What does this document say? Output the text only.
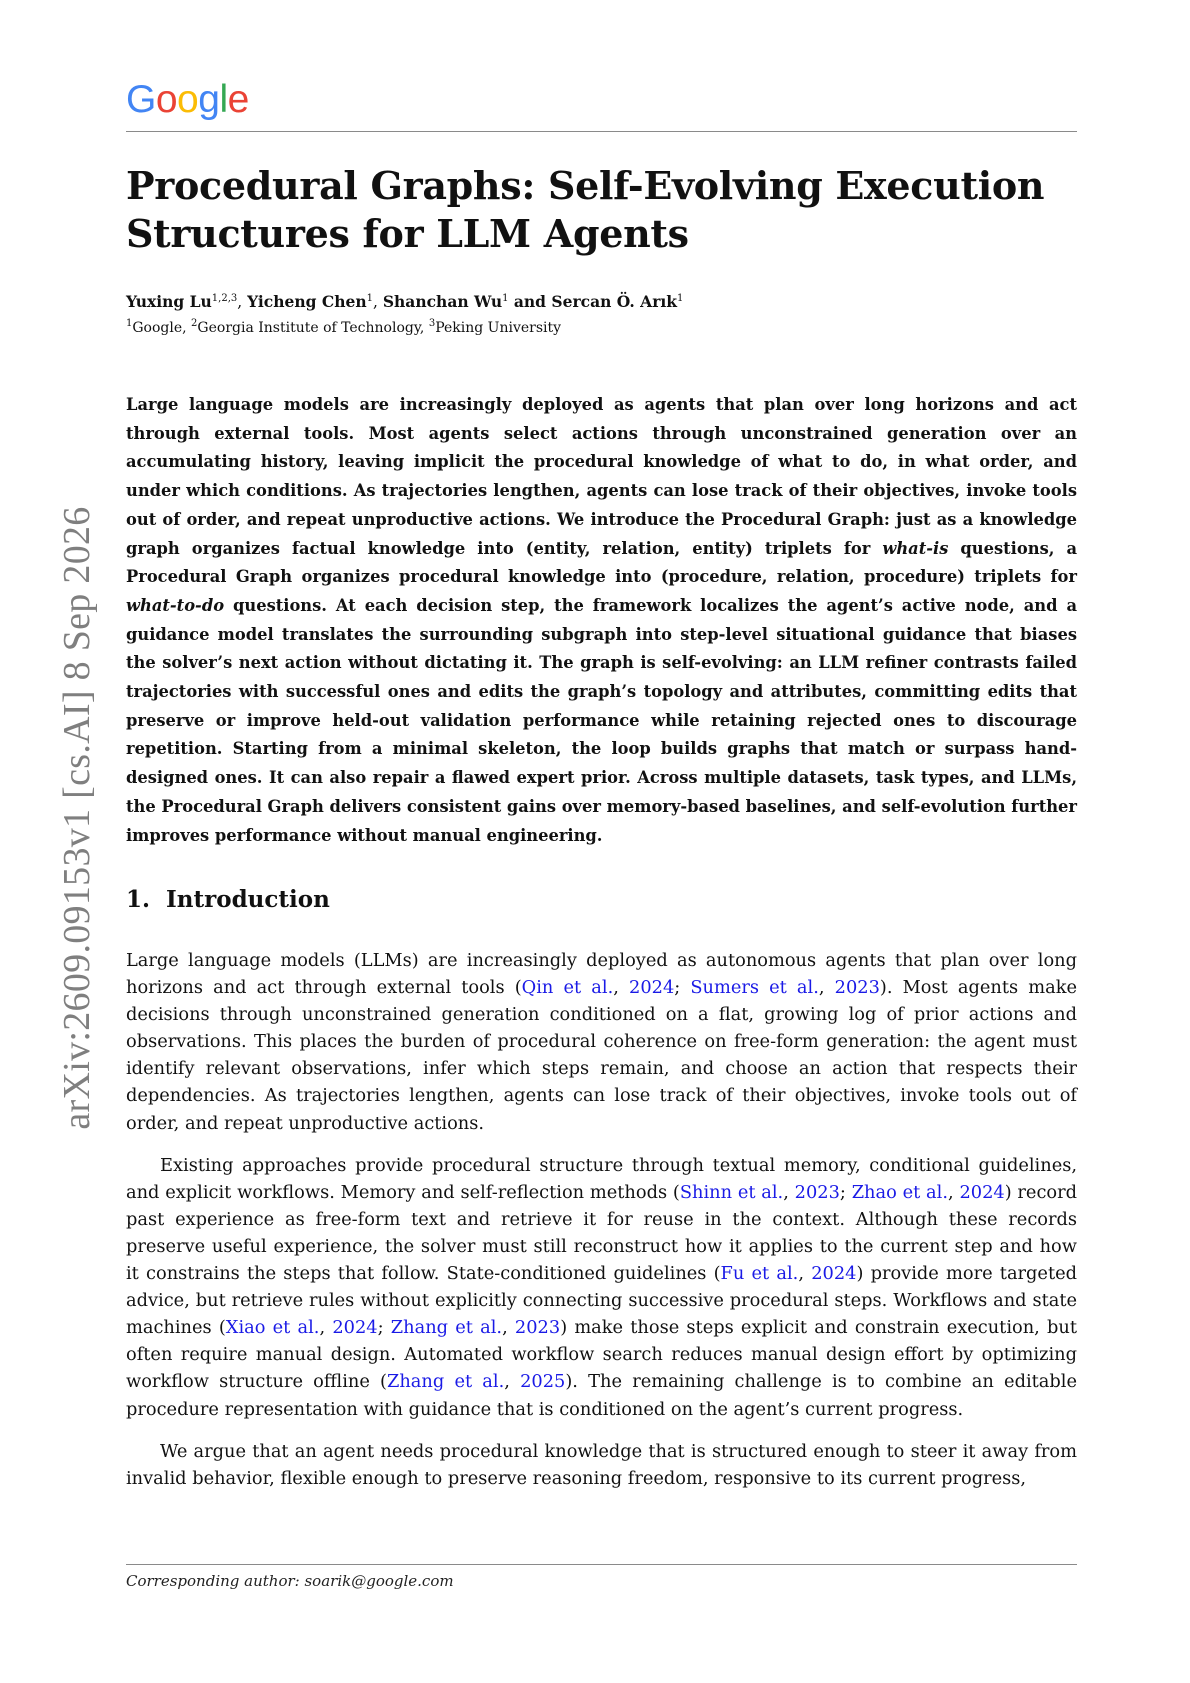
Google
Procedural Graphs: Self-Evolving Execution Structures for LLM Agents
Yuxing Lu$^{1,2,3}$, Yicheng Chen$^1$, Shanchan Wu$^1$ and Sercan Ö. Arık$^1$
$^1$Google, $^2$Georgia Institute of Technology, $^3$Peking University

Large language models are increasingly deployed as agents that plan over long horizons and act through external tools. Most agents select actions through unconstrained generation over an accumulating history, leaving implicit the procedural knowledge of what to do, in what order, and under which conditions. As trajectories lengthen, agents can lose track of their objectives, invoke tools out of order, and repeat unproductive actions. We introduce the Procedural Graph: just as a knowledge graph organizes factual knowledge into (entity, relation, entity) triplets for what-is questions, a Procedural Graph organizes procedural knowledge into (procedure, relation, procedure) triplets for what-to-do questions. At each decision step, the framework localizes the agent’s active node, and a guidance model translates the surrounding subgraph into step-level situational guidance that biases the solver’s next action without dictating it. The graph is self-evolving: an LLM refiner contrasts failed trajectories with successful ones and edits the graph’s topology and attributes, committing edits that preserve or improve held-out validation performance while retaining rejected ones to discourage repetition. Starting from a minimal skeleton, the loop builds graphs that match or surpass hand-designed ones. It can also repair a flawed expert prior. Across multiple datasets, task types, and LLMs, the Procedural Graph delivers consistent gains over memory-based baselines, and self-evolution further improves performance without manual engineering.

1. Introduction

Large language models (LLMs) are increasingly deployed as autonomous agents that plan over long horizons and act through external tools (Qin et al., 2024; Sumers et al., 2023). Most agents make decisions through unconstrained generation conditioned on a flat, growing log of prior actions and observations. This places the burden of procedural coherence on free-form generation: the agent must identify relevant observations, infer which steps remain, and choose an action that respects their dependencies. As trajectories lengthen, agents can lose track of their objectives, invoke tools out of order, and repeat unproductive actions.

Existing approaches provide procedural structure through textual memory, conditional guidelines, and explicit workflows. Memory and self-reflection methods (Shinn et al., 2023; Zhao et al., 2024) record past experience as free-form text and retrieve it for reuse in the context. Although these records preserve useful experience, the solver must still reconstruct how it applies to the current step and how it constrains the steps that follow. State-conditioned guidelines (Fu et al., 2024) provide more targeted advice, but retrieve rules without explicitly connecting successive procedural steps. Workflows and state machines (Xiao et al., 2024; Zhang et al., 2023) make those steps explicit and constrain execution, but often require manual design. Automated workflow search reduces manual design effort by optimizing workflow structure offline (Zhang et al., 2025). The remaining challenge is to combine an editable procedure representation with guidance that is conditioned on the agent’s current progress.

We argue that an agent needs procedural knowledge that is structured enough to steer it away from invalid behavior, flexible enough to preserve reasoning freedom, responsive to its current progress,

arXiv:2609.09153v1 [cs.AI] 8 Sep 2026
Corresponding author: soarik@google.com
